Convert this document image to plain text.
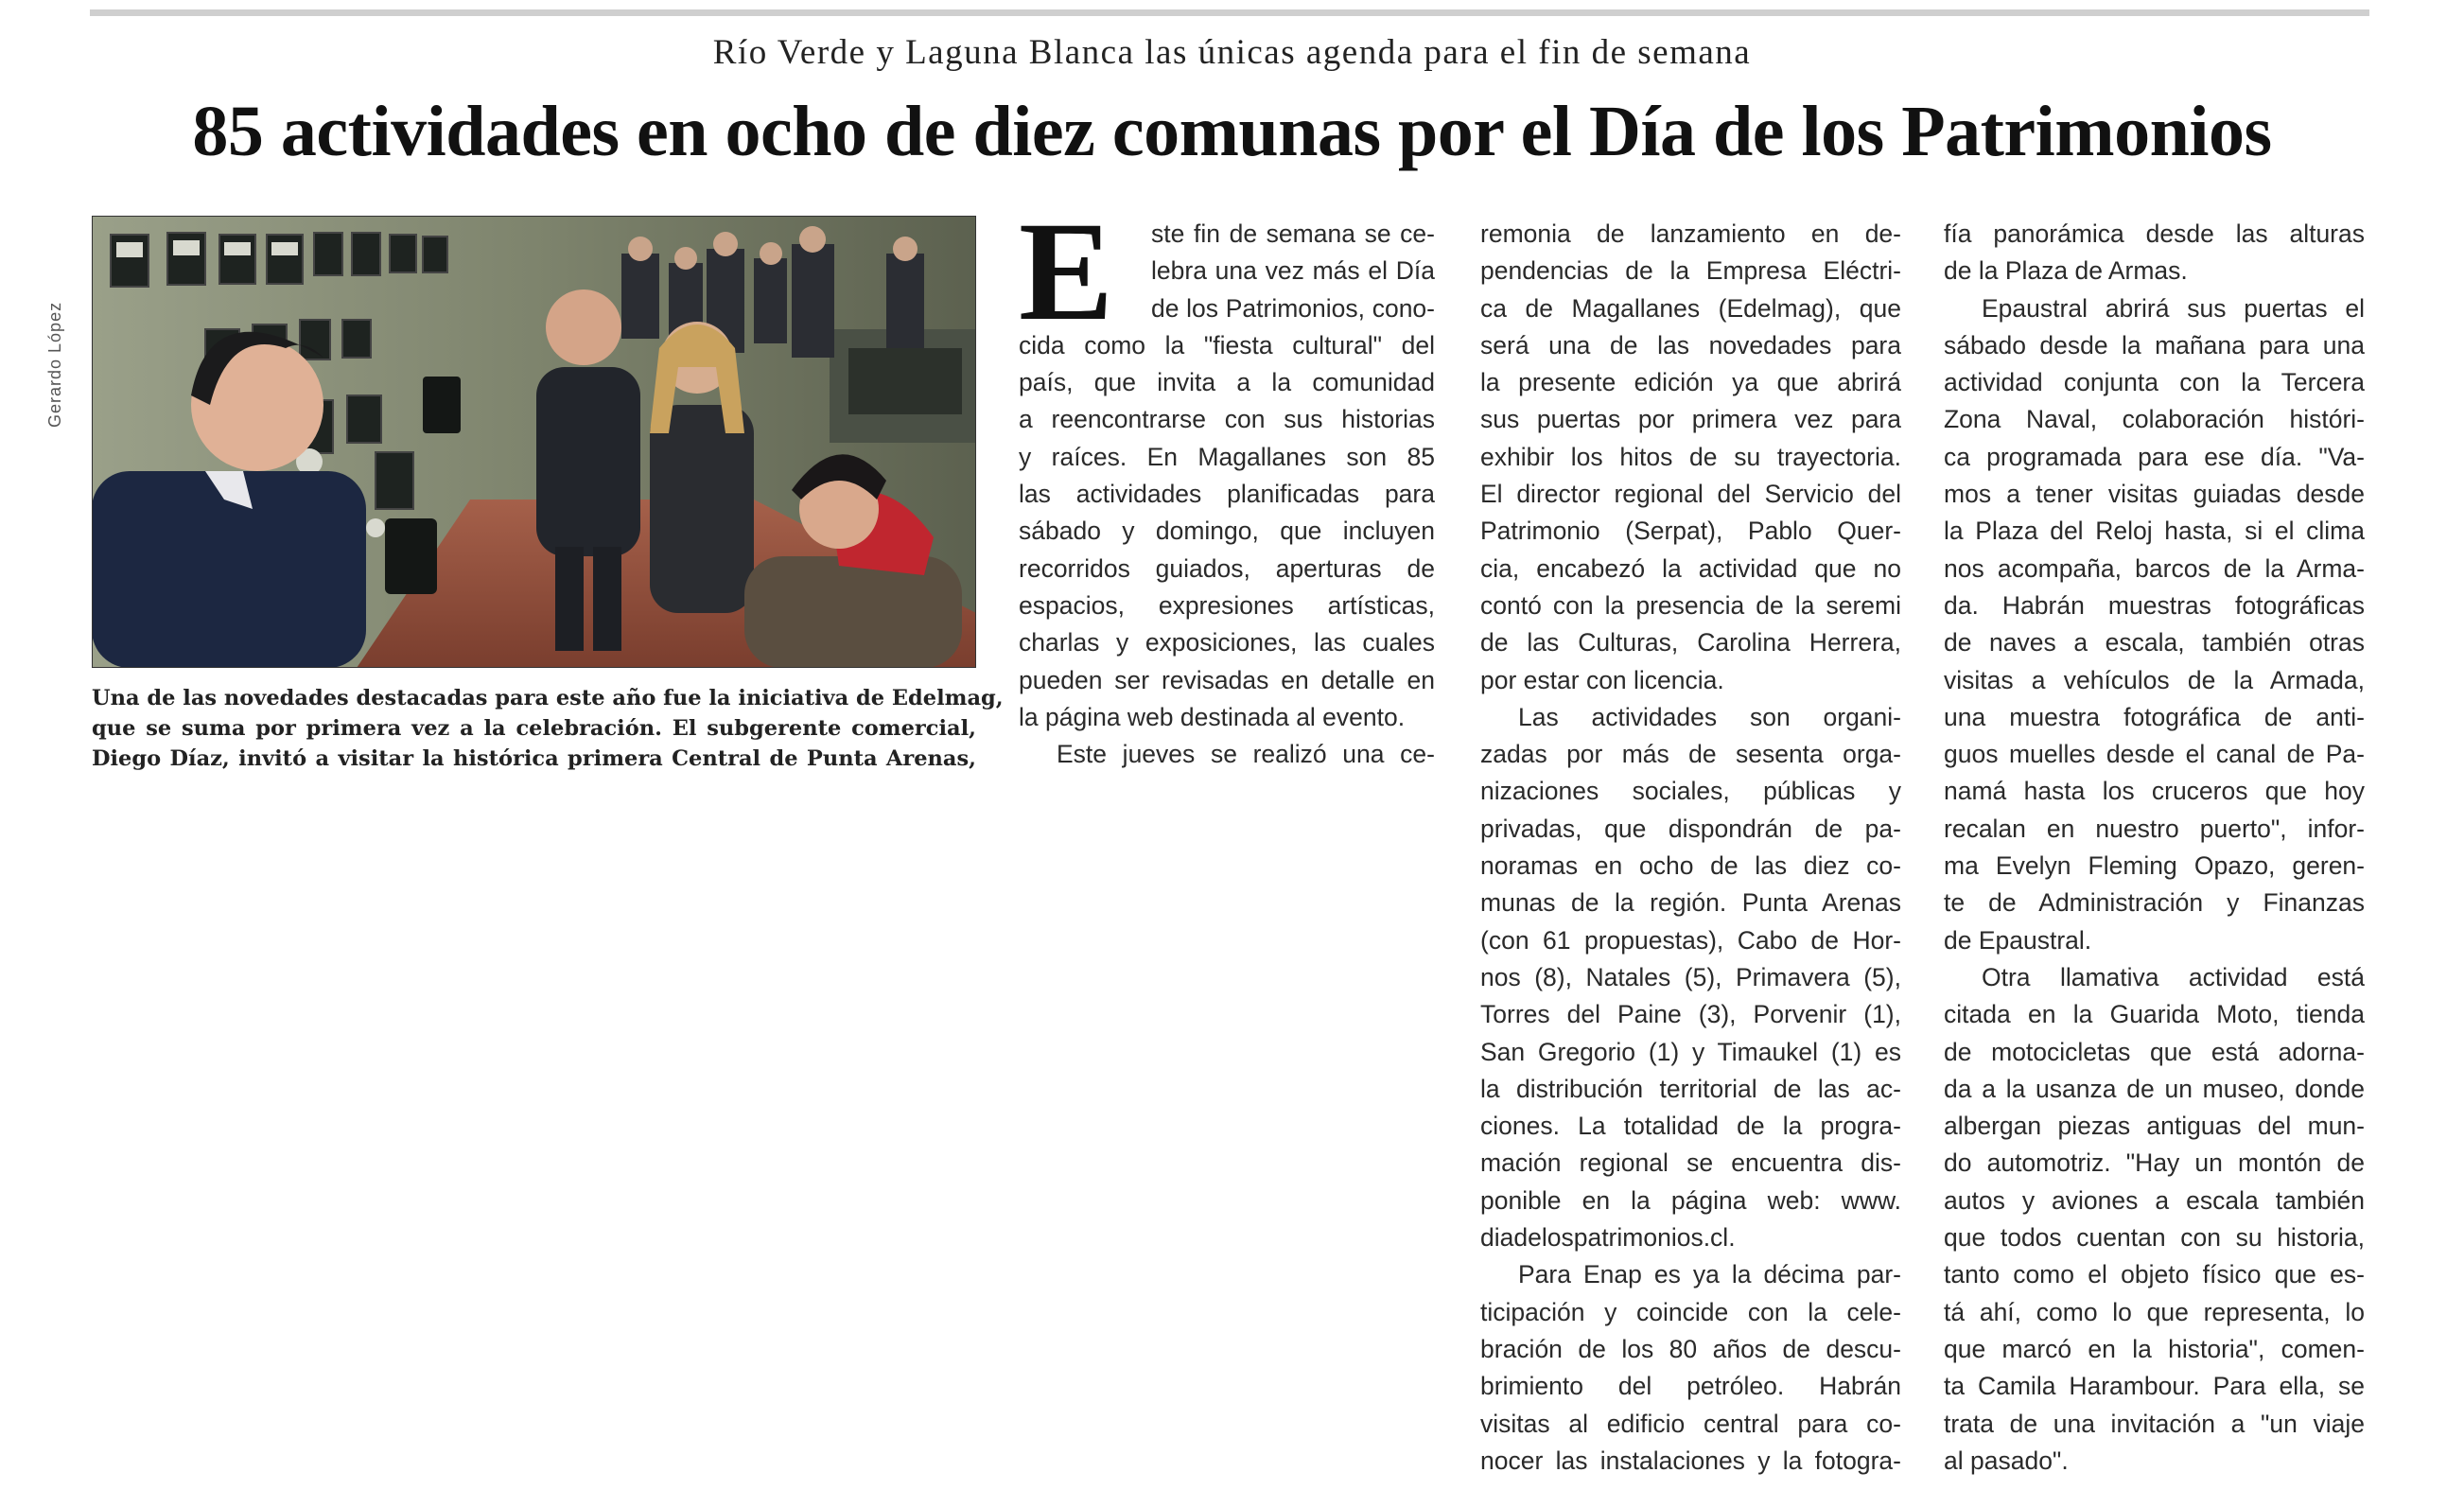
Río Verde y Laguna Blanca las únicas agenda para el fin de semana
85 actividades en ocho de diez comunas por el Día de los Patrimonios
Gerardo López
Una de las novedades destacadas para este año fue la iniciativa de Edelmag,
que se suma por primera vez a la celebración. El subgerente comercial,
Diego Díaz, invitó a visitar la histórica primera Central de Punta Arenas,
E	ste fin de semana se ce-
lebra una vez más el Día
de los Patrimonios, cono-
cida como la "fiesta cultural" del
país, que invita a la comunidad
a reencontrarse con sus historias
y raíces. En Magallanes son 85
las actividades planificadas para
sábado y domingo, que incluyen
recorridos guiados, aperturas de
espacios, expresiones artísticas,
charlas y exposiciones, las cuales
pueden ser revisadas en detalle en
la página web destinada al evento.
Este jueves se realizó una ce-
remonia de lanzamiento en de-
pendencias de la Empresa Eléctri-
ca de Magallanes (Edelmag), que
será una de las novedades para
la presente edición ya que abrirá
sus puertas por primera vez para
exhibir los hitos de su trayectoria.
El director regional del Servicio del
Patrimonio (Serpat), Pablo Quer-
cia, encabezó la actividad que no
contó con la presencia de la seremi
de las Culturas, Carolina Herrera,
por estar con licencia.
Las actividades son organi-
zadas por más de sesenta orga-
nizaciones sociales, públicas y
privadas, que dispondrán de pa-
noramas en ocho de las diez co-
munas de la región. Punta Arenas
(con 61 propuestas), Cabo de Hor-
nos (8), Natales (5), Primavera (5),
Torres del Paine (3), Porvenir (1),
San Gregorio (1) y Timaukel (1) es
la distribución territorial de las ac-
ciones. La totalidad de la progra-
mación regional se encuentra dis-
ponible en la página web: www.
diadelospatrimonios.cl.
Para Enap es ya la décima par-
ticipación y coincide con la cele-
bración de los 80 años de descu-
brimiento del petróleo. Habrán
visitas al edificio central para co-
nocer las instalaciones y la fotogra-
fía panorámica desde las alturas
de la Plaza de Armas.
Epaustral abrirá sus puertas el
sábado desde la mañana para una
actividad conjunta con la Tercera
Zona Naval, colaboración históri-
ca programada para ese día. "Va-
mos a tener visitas guiadas desde
la Plaza del Reloj hasta, si el clima
nos acompaña, barcos de la Arma-
da. Habrán muestras fotográficas
de naves a escala, también otras
visitas a vehículos de la Armada,
una muestra fotográfica de anti-
guos muelles desde el canal de Pa-
namá hasta los cruceros que hoy
recalan en nuestro puerto", infor-
ma Evelyn Fleming Opazo, geren-
te de Administración y Finanzas
de Epaustral.
Otra llamativa actividad está
citada en la Guarida Moto, tienda
de motocicletas que está adorna-
da a la usanza de un museo, donde
albergan piezas antiguas del mun-
do automotriz. "Hay un montón de
autos y aviones a escala también
que todos cuentan con su historia,
tanto como el objeto físico que es-
tá ahí, como lo que representa, lo
que marcó en la historia", comen-
ta Camila Harambour. Para ella, se
trata de una invitación a "un viaje
al pasado".
